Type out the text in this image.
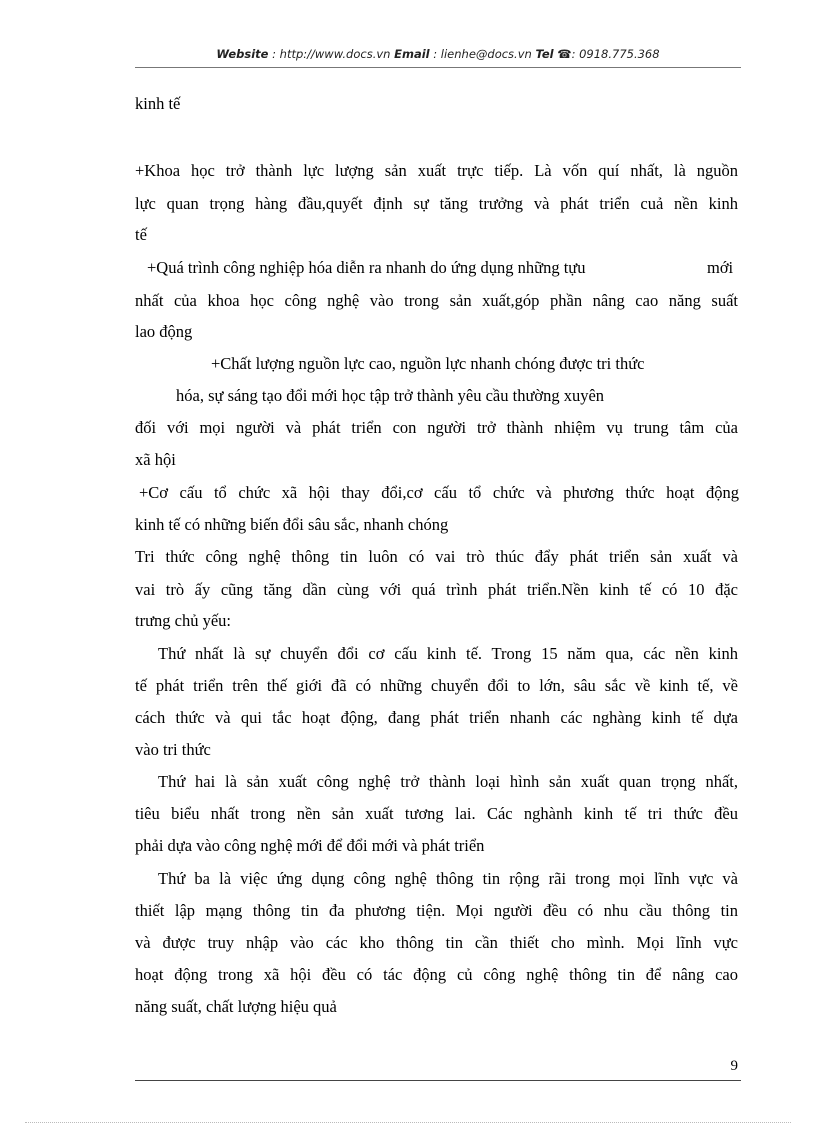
Website : http://www.docs.vn Email : lienhe@docs.vn Tel ☎: 0918.775.368
kinh tế
+Khoa học trở thành lực lượng sản xuất trực tiếp. Là vốn quí nhất, là nguồn
lực quan trọng hàng đầu,quyết định sự tăng trưởng và phát triển cuả nền kinh
tế
+Quá trình công nghiệp hóa diễn ra nhanh do ứng dụng những tựu	mới
nhất của khoa học công nghệ vào trong sản xuất,góp phần nâng cao năng suất
lao động
+Chất lượng nguồn lực cao, nguồn lực nhanh chóng được tri thức
hóa, sự sáng tạo đổi mới học tập trở thành yêu cầu thường xuyên
đối với mọi người và phát triển con người trở thành nhiệm vụ trung tâm của
xã hội
+Cơ cấu tổ chức xã hội thay đổi,cơ cấu tổ chức và phương thức hoạt động
kinh tế có những biến đổi sâu sắc, nhanh chóng
Tri thức công nghệ thông tin luôn có vai trò thúc đẩy phát triển sản xuất và
vai trò ấy cũng tăng dần cùng với quá trình phát triển.Nền kinh tế có 10 đặc
trưng chủ yếu:
Thứ nhất là sự chuyển đổi cơ cấu kinh tế. Trong 15 năm qua, các nền kinh
tế phát triển trên thế giới đã có những chuyển đổi to lớn, sâu sắc về kinh tế, về
cách thức và qui tắc hoạt động, đang phát triển nhanh các nghàng kinh tế dựa
vào tri thức
Thứ hai là sản xuất công nghệ trở thành loại hình sản xuất quan trọng nhất,
tiêu biểu nhất trong nền sản xuất tương lai. Các nghành kinh tế tri thức đều
phải dựa vào công nghệ mới để đổi mới và phát triển
Thứ ba là việc ứng dụng công nghệ thông tin rộng rãi trong mọi lĩnh vực và
thiết lập mạng thông tin đa phương tiện. Mọi người đều có nhu cầu thông tin
và được truy nhập vào các kho thông tin cần thiết cho mình. Mọi lĩnh vực
hoạt động trong xã hội đều có tác động củ công nghệ thông tin để nâng cao
năng suất, chất lượng hiệu quả
9
